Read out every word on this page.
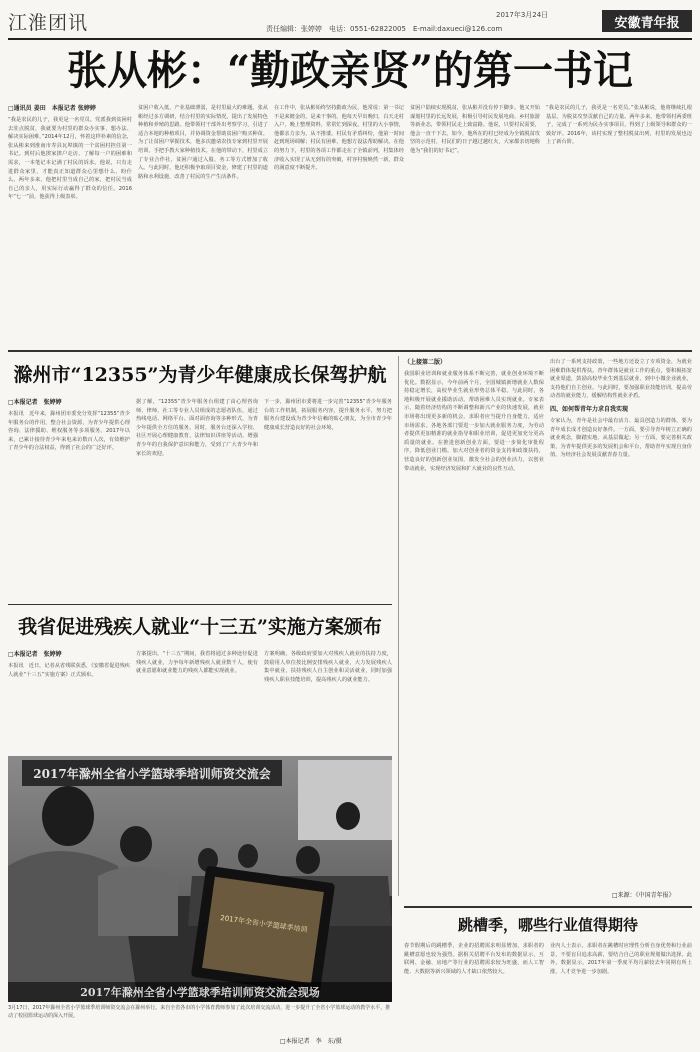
江淮团讯	责任编辑：张婷婷　电话：0551-62822005　E-mail:daxueci@126.com
2017年3月24日
安徽青年报
张从彬：“勤政亲贤”的第一书记
□通讯员 姜田　本报记者 张婷婷
“我是农民的儿子，我更是一名党员。党派我到贫困村去驻点脱贫，我就要为村里的群众办实事、想办法、解决实际困难。”2014年12月，怀着这样朴素的信念，张从彬来到淮南市寿县瓦埠镇的一个贫困村担任第一书记。到村后他挨家挨户走访，了解每一户的困难和需求，一本笔记本记满了村民的诉求。他说，只有走进群众家里，才能真正知道群众心里想什么、盼什么。两年多来，他把村里当成自己的家，把村民当成自己的亲人，用实际行动赢得了群众的信任。2016年“七一”前，他获得上级表彰。
贫困户收入低，产业基础薄弱，是村里最大的难题。张从彬经过多方调研，结合村里的实际情况，提出了发展特色种植和养殖的思路。他带领村干部外出考察学习，引进了适合本地的种植项目，并协调资金帮助贫困户购买种苗。为了让贫困户掌握技术，他多次邀请农技专家到村里开展培训，手把手教大家种植技术。在他的带动下，村里成立了专业合作社，贫困户通过入股、务工等方式增加了收入。与此同时，他还积极争取项目资金，修建了村里的道路和水利设施，改善了村民的生产生活条件。
在工作中，张从彬始终坚持勤政为民，他常说：第一书记不是来镀金的，是来干事的。他每天早出晚归，白天走村入户，晚上整理资料，常常忙到深夜。村里的大小事情，他都亲力亲为，从不推诿。村民有矛盾纠纷，他第一时间赶到现场调解；村民有困难，他想方设法帮助解决。在他的努力下，村里的各项工作都走在了全镇前列，村集体经济收入实现了从无到有的突破，村容村貌焕然一新，群众的满意度不断提升。
贫困户陆续实现脱贫，张从彬并没有停下脚步。他又开始谋划村里的长远发展，积极引导村民发展电商、乡村旅游等新业态，带领村民走上致富路。他说，只要村民需要，他会一直干下去。如今，他所在的村已经成为全镇脱贫攻坚的示范村，村民们的日子越过越红火，大家都亲切地称他为“我们的好书记”。
“我是农民的儿子，我更是一名党员。”张从彬说，他将继续扎根基层，为脱贫攻坚贡献自己的力量。两年多来，他带领村两委班子，完成了一系列为民办实事项目，得到了上级领导和群众的一致好评。2016年，该村实现了整村脱贫出列，村里的发展也迈上了新台阶。
滁州市“12355”为青少年健康成长保驾护航
□本报记者　张婷婷
本报讯　近年来，滁州团市委充分发挥“12355”青少年服务台的作用，整合社会资源，为青少年提供心理咨询、法律援助、维权服务等多项服务。2017年以来，已累计接待青少年来电来访数百人次，有效维护了青少年的合法权益，得到了社会的广泛好评。
据了解，“12355”青少年服务台组建了由心理咨询师、律师、社工等专业人员组成的志愿者队伍，通过热线电话、网络平台、面对面咨询等多种形式，为青少年提供全方位的服务。同时，服务台还深入学校、社区开展心理健康教育、法律知识讲座等活动，增强青少年的自我保护意识和能力，受到了广大青少年和家长的欢迎。
下一步，滁州团市委将进一步完善“12355”青少年服务台的工作机制，拓展服务内容，提升服务水平，努力把服务台建设成为青少年信赖的贴心朋友，为全市青少年健康成长营造良好的社会环境。
我省促进残疾人就业“十三五”实施方案颁布
□本报记者　张婷婷
本报讯　近日，记者从省残联获悉，《安徽省促进残疾人就业“十三五”实施方案》正式颁布。
方案提出，“十三五”期间，我省将通过多种途径促进残疾人就业，力争每年新增残疾人就业数千人，使有就业意愿和就业能力的残疾人都能实现就业。
方案明确，各级政府要加大对残疾人就业的扶持力度，鼓励用人单位按比例安排残疾人就业，大力发展残疾人集中就业，扶持残疾人自主创业和灵活就业，同时加强残疾人职业技能培训，提高残疾人的就业能力。
2017年滁州全省小学篮球季培训师资交流会
2017年全省小学篮球季培训
2017年滁州全省小学篮球季培训师资交流会现场
3月17日，2017年滁州全省小学篮球季培训师资交流会在滁州举行。来自全省各市的小学体育教师参加了此次培训交流活动，进一步提升了全省小学篮球运动的教学水平，推动了校园篮球运动的深入开展。
□本报记者　李　东/摄
（上接第二版）
我国职业培训和就业服务体系不断完善，就业创业环境不断优化。数据显示，今年前两个月，全国城镇新增就业人数保持稳定增长，高校毕业生就业形势总体平稳。与此同时，各地积极开展就业援助活动，帮助困难人员实现就业。专家表示，随着经济结构的不断调整和新兴产业的快速发展，就业市场将出现更多新的机会，求职者应当提升自身能力，适应市场需求。各地各部门要进一步加大就业服务力度，为劳动者提供更加精准的就业指导和职业培训，促进更加充分更高质量的就业。在推进创新创业方面，要进一步简化审批程序，降低创业门槛，加大对创业者的资金支持和政策扶持，营造良好的创新创业氛围，激发全社会的创业活力，以创业带动就业，实现经济发展和扩大就业的良性互动。
出台了一系列支持政策，一些地方还设立了专项资金，为就业困难群体提供帮扶。青年群体是就业工作的重点，要积极拓宽就业渠道，鼓励高校毕业生到基层就业、到中小微企业就业，支持他们自主创业。与此同时，要加强职业技能培训，提高劳动者的就业能力，缓解结构性就业矛盾。
四、如何帮青年力求自我实现
专家认为，青年是社会中最有活力、最具创造力的群体，要为青年成长成才创造良好条件。一方面，要引导青年树立正确的就业观念，脚踏实地、从基层做起；另一方面，要完善相关政策，为青年提供更多的发展机会和平台，帮助青年实现自身价值，为经济社会发展贡献青春力量。
□来源：《中国青年报》
跳槽季，哪些行业值得期待
春节假期后的跳槽季，企业的招聘需求明显增加，求职者的跳槽意愿也较为强烈。据相关招聘平台发布的数据显示，互联网、金融、房地产等行业的招聘需求较为旺盛，而人工智能、大数据等新兴领域的人才缺口依然较大。
业内人士表示，求职者在跳槽时应理性分析自身优势和行业前景，不要盲目追求高薪，要结合自己的职业规划做出选择。此外，数据显示，2017年第一季度平均月薪较去年同期有所上涨，人才竞争进一步加剧。
